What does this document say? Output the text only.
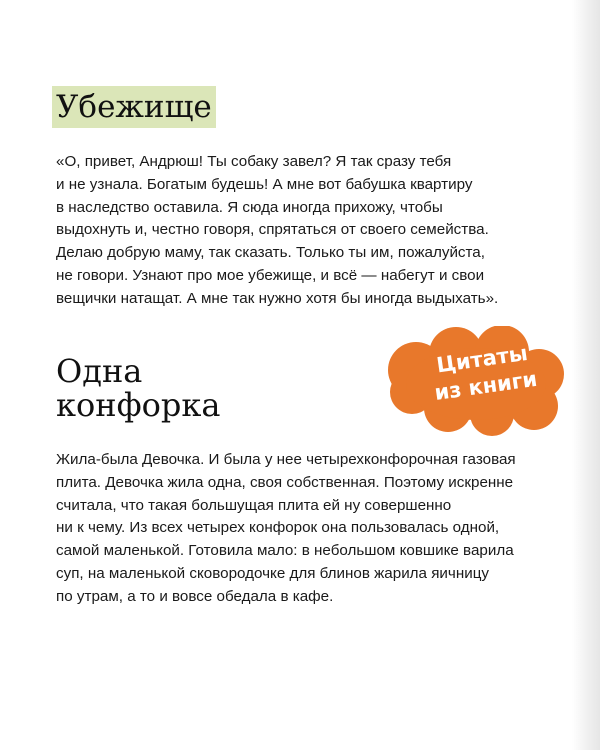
Убежище

«О, привет, Андрюш! Ты собаку завел? Я так сразу тебя
и не узнала. Богатым будешь! А мне вот бабушка квартиру
в наследство оставила. Я сюда иногда прихожу, чтобы
выдохнуть и, честно говоря, спрятаться от своего семейства.
Делаю добрую маму, так сказать. Только ты им, пожалуйста,
не говори. Узнают про мое убежище, и всё — набегут и свои
вещички натащат. А мне так нужно хотя бы иногда выдыхать».

Одна
конфорка
Цитаты
из книги

Жила-была Девочка. И была у нее четырехконфорочная газовая
плита. Девочка жила одна, своя собственная. Поэтому искренне
считала, что такая большущая плита ей ну совершенно
ни к чему. Из всех четырех конфорок она пользовалась одной,
самой маленькой. Готовила мало: в небольшом ковшике варила
суп, на маленькой сковородочке для блинов жарила яичницу
по утрам, а то и вовсе обедала в кафе.
